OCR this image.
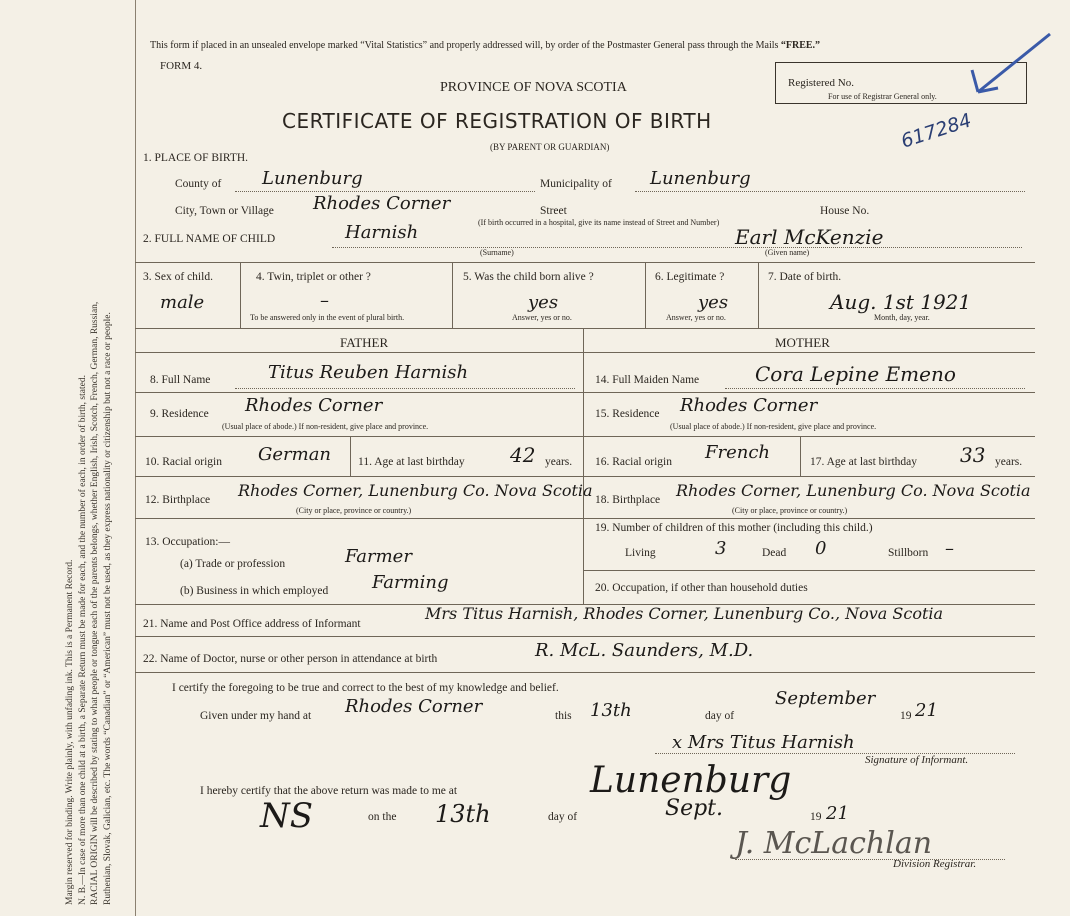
Margin reserved for binding. Write plainly, with unfading ink. This is a Permanent Record. N. B.—In case of more than one child at a birth, a Separate Return must be made for each, and the number of each, in order of birth, stated. RACIAL ORIGIN will be described by stating to what people or tongue each of the parents belongs, whether English, Irish, Scotch, French, German, Russian, Ruthenian, Slovak, Galician, etc. The words “Canadian” or “American” must not be used, as they express nationality or citizenship but not a race or people.
This form if placed in an unsealed envelope marked “Vital Statistics” and properly addressed will, by order of the Postmaster General pass through the Mails “FREE.”
FORM 4.
PROVINCE OF NOVA SCOTIA
CERTIFICATE OF REGISTRATION OF BIRTH
(BY PARENT OR GUARDIAN)
Registered No.
For use of Registrar General only.
617284
1. PLACE OF BIRTH.
County of Lunenburg	Municipality of Lunenburg
City, Town or Village Rhodes Corner	Street
(If birth occurred in a hospital, give its name instead of Street and Number)
House No.
2. FULL NAME OF CHILD	Harnish
(Surname)
Earl McKenzie
(Given name)
3. Sex of child.
male
4. Twin, triplet or other ?
–
To be answered only in the event of plural birth.
5. Was the child born alive ?
yes
Answer, yes or no.
6. Legitimate ?
yes
Answer, yes or no.
7. Date of birth.
Aug. 1st 1921
Month, day, year.
FATHER	MOTHER
8. Full Name	Titus Reuben Harnish
9. Residence Rhodes Corner
(Usual place of abode.) If non-resident, give place and province.
10. Racial origin German 11. Age at last birthday 42 years.
12. Birthplace Rhodes Corner, Lunenburg Co. Nova Scotia
(City or place, province or country.)
13. Occupation:—
(a) Trade or profession	Farmer
(b) Business in which employed Farming
14. Full Maiden Name	Cora Lepine Emeno
15. Residence Rhodes Corner
(Usual place of abode.) If non-resident, give place and province.
16. Racial origin French	17. Age at last birthday 33 years.
18. Birthplace Rhodes Corner, Lunenburg Co. Nova Scotia
(City or place, province or country.)
19. Number of children of this mother (including this child.)
Living	3	Dead 0	Stillborn –
20. Occupation, if other than household duties
21. Name and Post Office address of Informant
Mrs Titus Harnish, Rhodes Corner, Lunenburg Co., Nova Scotia
22. Name of Doctor, nurse or other person in attendance at birth	R. McL. Saunders, M.D.
I certify the foregoing to be true and correct to the best of my knowledge and belief.
Given under my hand at Rhodes Corner	this 13th	day of
September
19 21
x Mrs Titus Harnish
Signature of Informant.
I hereby certify that the above return was made to me at	Lunenburg
NS	on the 13th	day of	Sept.	19 21
J. McLachlan
Division Registrar.
